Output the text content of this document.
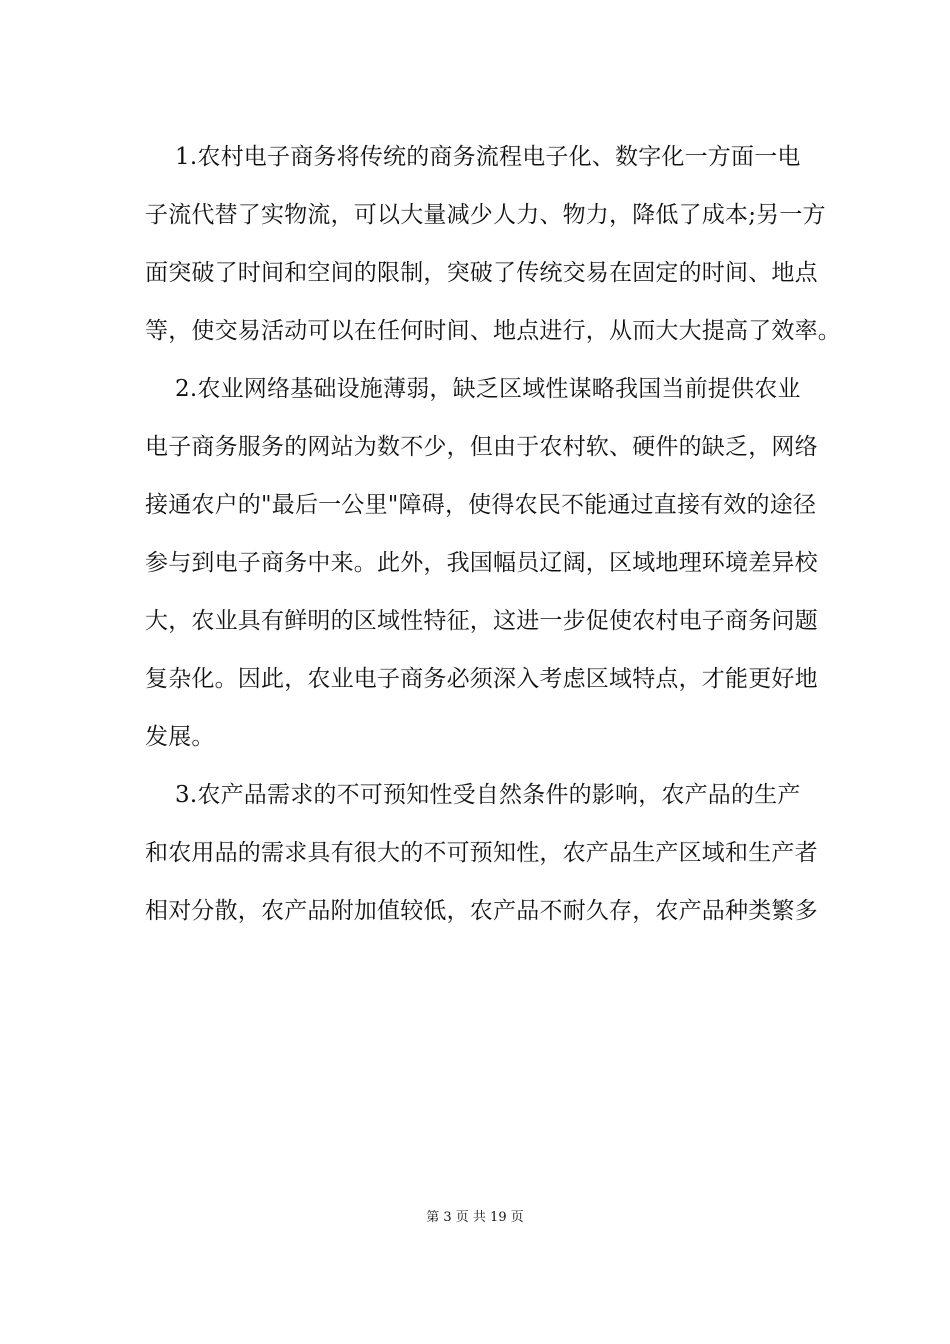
1.农村电子商务将传统的商务流程电子化、数字化一方面一电
子流代替了实物流，可以大量减少人力、物力，降低了成本;另一方
面突破了时间和空间的限制，突破了传统交易在固定的时间、地点
等，使交易活动可以在任何时间、地点进行，从而大大提高了效率。
2.农业网络基础设施薄弱，缺乏区域性谋略我国当前提供农业
电子商务服务的网站为数不少，但由于农村软、硬件的缺乏，网络
接通农户的"最后一公里"障碍，使得农民不能通过直接有效的途径
参与到电子商务中来。此外，我国幅员辽阔，区域地理环境差异校
大，农业具有鲜明的区域性特征，这进一步促使农村电子商务问题
复杂化。因此，农业电子商务必须深入考虑区域特点，才能更好地
发展。
3.农产品需求的不可预知性受自然条件的影响，农产品的生产
和农用品的需求具有很大的不可预知性，农产品生产区域和生产者
相对分散，农产品附加值较低，农产品不耐久存，农产品种类繁多
第 3 页 共 19 页
